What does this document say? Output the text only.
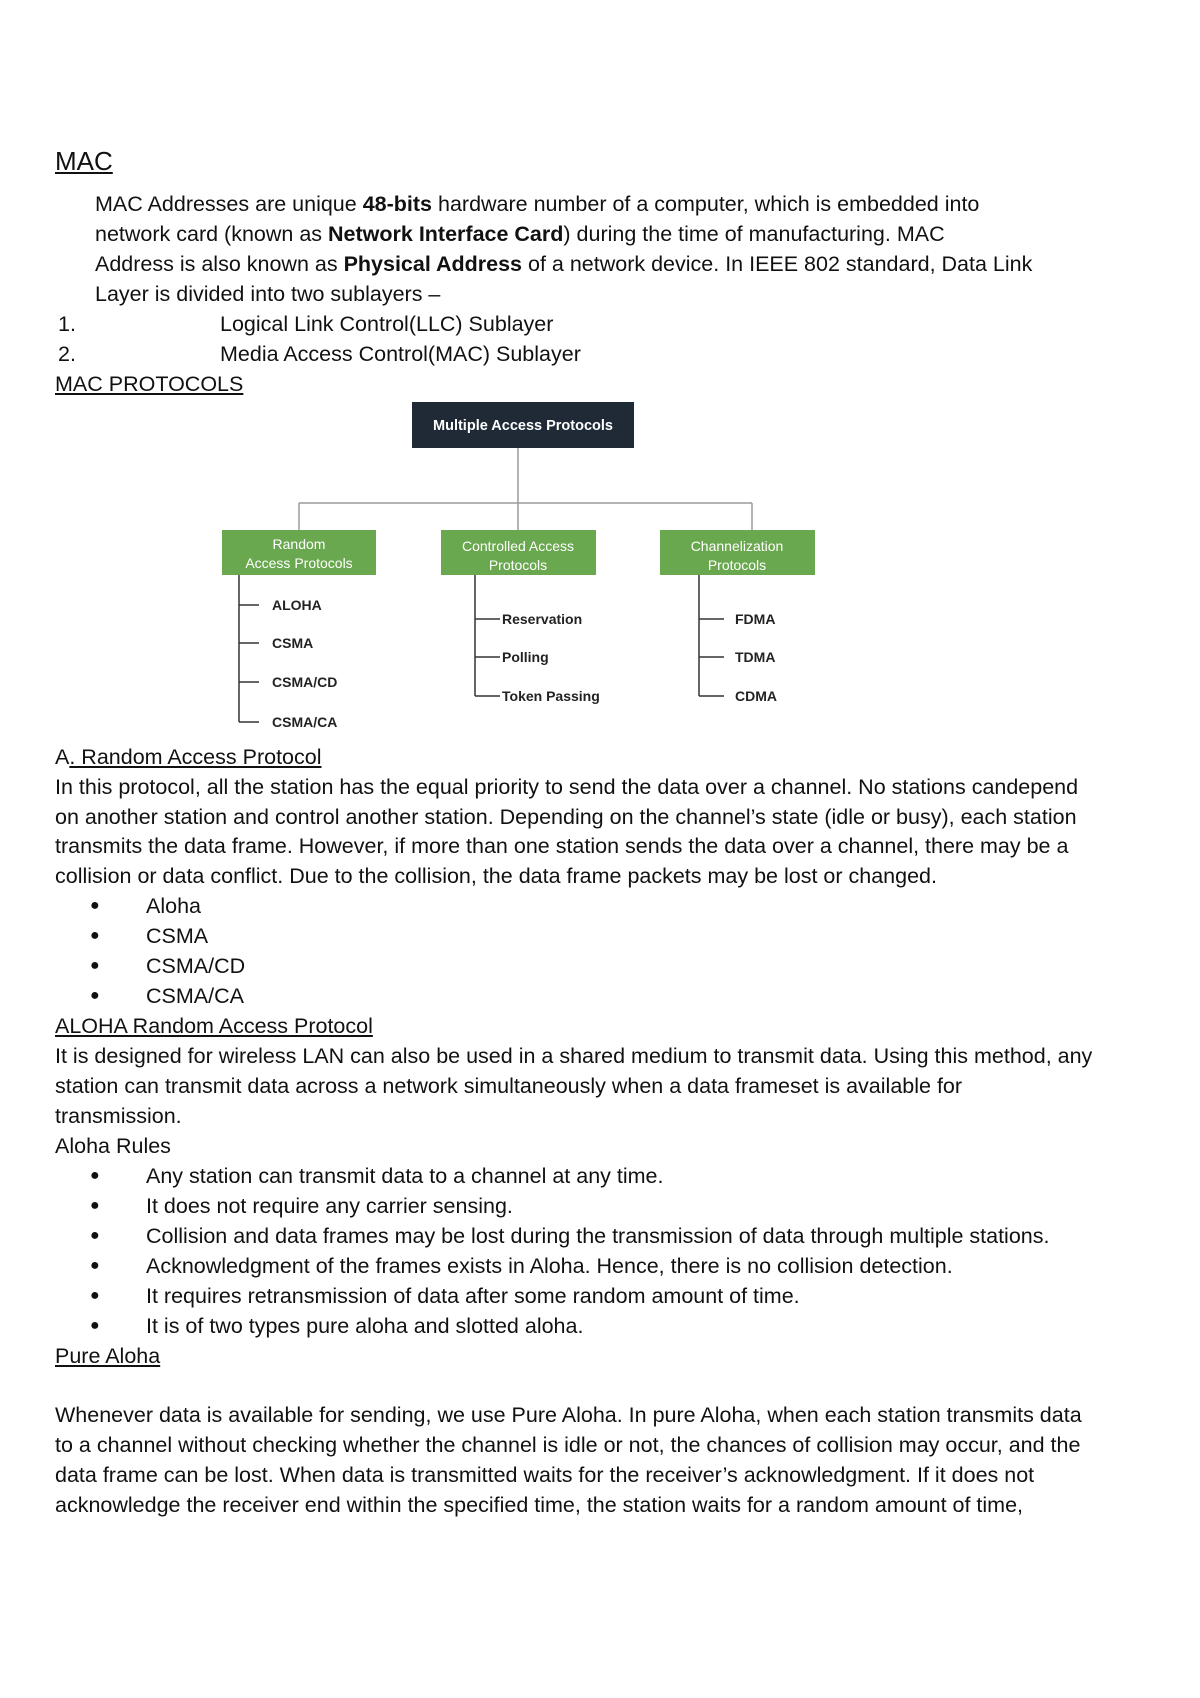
MAC
MAC Addresses are unique 48-bits hardware number of a computer, which is embedded into
network card (known as Network Interface Card) during the time of manufacturing. MAC
Address is also known as Physical Address of a network device. In IEEE 802 standard, Data Link
Layer is divided into two sublayers –
1.	Logical Link Control(LLC) Sublayer
2.	Media Access Control(MAC) Sublayer
MAC PROTOCOLS
Multiple Access Protocols
Random
Access Protocols
Controlled Access
Protocols
Channelization
Protocols
ALOHA
CSMA
CSMA/CD
CSMA/CA
Reservation
Polling
Token Passing
FDMA
TDMA
CDMA
A. Random Access Protocol
In this protocol, all the station has the equal priority to send the data over a channel. No stations candepend
on another station and control another station. Depending on the channel’s state (idle or busy), each station
transmits the data frame. However, if more than one station sends the data over a channel, there may be a
collision or data conflict. Due to the collision, the data frame packets may be lost or changed.
● Aloha
● CSMA
● CSMA/CD
● CSMA/CA
ALOHA Random Access Protocol
It is designed for wireless LAN can also be used in a shared medium to transmit data. Using this method, any
station can transmit data across a network simultaneously when a data frameset is available for
transmission.
Aloha Rules
● Any station can transmit data to a channel at any time.
● It does not require any carrier sensing.
● Collision and data frames may be lost during the transmission of data through multiple stations.
● Acknowledgment of the frames exists in Aloha. Hence, there is no collision detection.
● It requires retransmission of data after some random amount of time.
● It is of two types pure aloha and slotted aloha.
Pure Aloha
Whenever data is available for sending, we use Pure Aloha. In pure Aloha, when each station transmits data
to a channel without checking whether the channel is idle or not, the chances of collision may occur, and the
data frame can be lost. When data is transmitted waits for the receiver’s acknowledgment. If it does not
acknowledge the receiver end within the specified time, the station waits for a random amount of time,
